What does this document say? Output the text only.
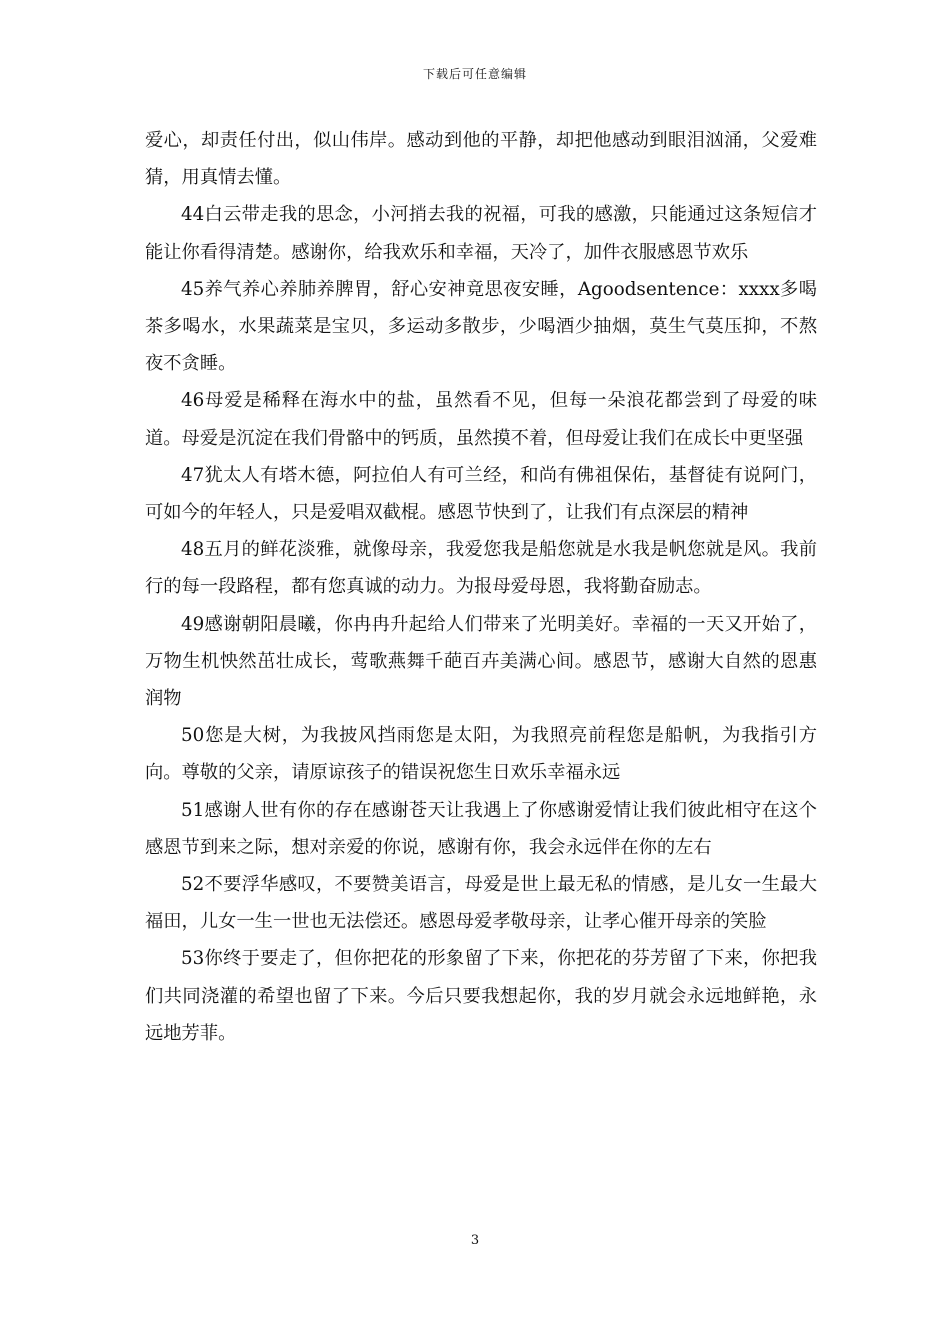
下载后可任意编辑

爱心，却责任付出，似山伟岸。感动到他的平静，却把他感动到眼泪汹涌，父爱难猜，用真情去懂。

44白云带走我的思念，小河捎去我的祝福，可我的感激，只能通过这条短信才能让你看得清楚。感谢你，给我欢乐和幸福，天冷了，加件衣服感恩节欢乐

45养气养心养肺养脾胃，舒心安神竟思夜安睡，Agoodsentence：xxxx多喝茶多喝水，水果蔬菜是宝贝，多运动多散步，少喝酒少抽烟，莫生气莫压抑，不熬夜不贪睡。

46母爱是稀释在海水中的盐，虽然看不见，但每一朵浪花都尝到了母爱的味道。母爱是沉淀在我们骨骼中的钙质，虽然摸不着，但母爱让我们在成长中更坚强

47犹太人有塔木德，阿拉伯人有可兰经，和尚有佛祖保佑，基督徒有说阿门，可如今的年轻人，只是爱唱双截棍。感恩节快到了，让我们有点深层的精神

48五月的鲜花淡雅，就像母亲，我爱您我是船您就是水我是帆您就是风。我前行的每一段路程，都有您真诚的动力。为报母爱母恩，我将勤奋励志。

49感谢朝阳晨曦，你冉冉升起给人们带来了光明美好。幸福的一天又开始了，万物生机怏然茁壮成长，莺歌燕舞千葩百卉美满心间。感恩节，感谢大自然的恩惠润物

50您是大树，为我披风挡雨您是太阳，为我照亮前程您是船帆，为我指引方向。尊敬的父亲，请原谅孩子的错误祝您生日欢乐幸福永远

51感谢人世有你的存在感谢苍天让我遇上了你感谢爱情让我们彼此相守在这个感恩节到来之际，想对亲爱的你说，感谢有你，我会永远伴在你的左右

52不要浮华感叹，不要赞美语言，母爱是世上最无私的情感，是儿女一生最大福田，儿女一生一世也无法偿还。感恩母爱孝敬母亲，让孝心催开母亲的笑脸

53你终于要走了，但你把花的形象留了下来，你把花的芬芳留了下来，你把我们共同浇灌的希望也留了下来。今后只要我想起你，我的岁月就会永远地鲜艳，永远地芳菲。

3
